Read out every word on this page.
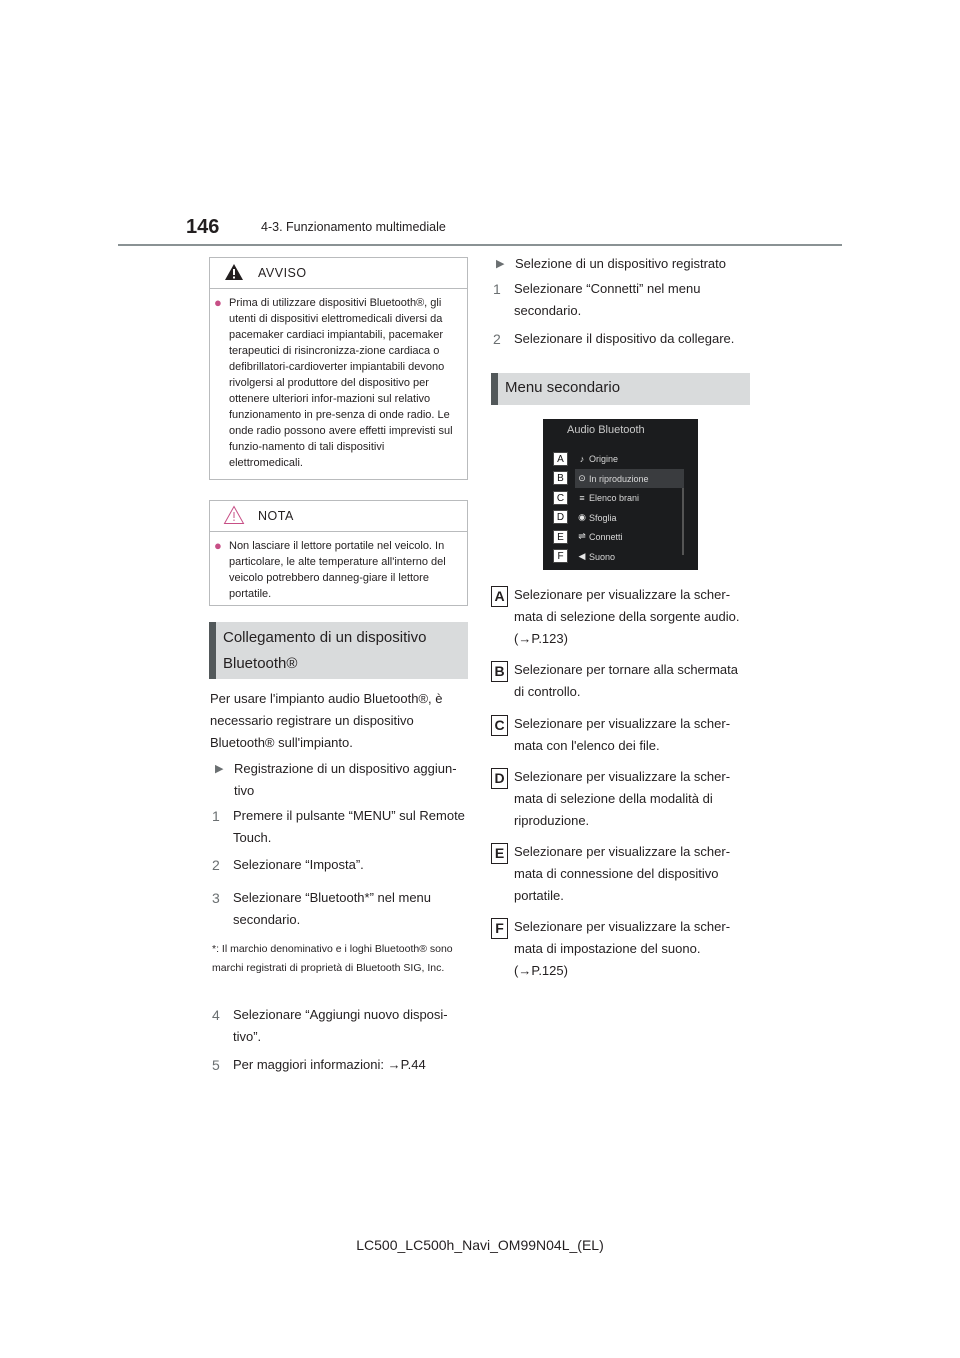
146	4-3. Funzionamento multimediale
AVVISO
● Prima di utilizzare dispositivi Bluetooth®, gli utenti di dispositivi elettromedicali diversi da pacemaker cardiaci impiantabili, pacemaker terapeutici di risincronizza-zione cardiaca o defibrillatori-cardioverter impiantabili devono rivolgersi al produttore del dispositivo per ottenere ulteriori infor-mazioni sul relativo funzionamento in pre-senza di onde radio. Le onde radio possono avere effetti imprevisti sul funzio-namento di tali dispositivi elettromedicali.
NOTA
● Non lasciare il lettore portatile nel veicolo. In particolare, le alte temperature all'interno del veicolo potrebbero danneg-giare il lettore portatile.
Collegamento di un dispositivo
Bluetooth®
Per usare l'impianto audio Bluetooth®, è necessario registrare un dispositivo Bluetooth® sull'impianto.
▶ Registrazione di un dispositivo aggiun-tivo
1	Premere il pulsante “MENU” sul Remote Touch.
2	Selezionare “Imposta”.
3	Selezionare “Bluetooth*” nel menu secondario.
*: Il marchio denominativo e i loghi Bluetooth® sono marchi registrati di proprietà di Bluetooth SIG, Inc.
4	Selezionare “Aggiungi nuovo disposi-tivo”.
5	Per maggiori informazioni: →P.44
▶ Selezione di un dispositivo registrato
1	Selezionare “Connetti” nel menu secondario.
2	Selezionare il dispositivo da collegare.
Menu secondario
Audio Bluetooth
♪ Origine
⊙ In riproduzione
≡ Elenco brani
◉ Sfoglia
⇌ Connetti
◀ Suono
A
B
C
D
E
F
A Selezionare per visualizzare la scher-mata di selezione della sorgente audio. (→P.123)
B Selezionare per tornare alla schermata di controllo.
C Selezionare per visualizzare la scher-mata con l'elenco dei file.
D Selezionare per visualizzare la scher-mata di selezione della modalità di riproduzione.
E Selezionare per visualizzare la scher-mata di connessione del dispositivo portatile.
F Selezionare per visualizzare la scher-mata di impostazione del suono. (→P.125)
LC500_LC500h_Navi_OM99N04L_(EL)
